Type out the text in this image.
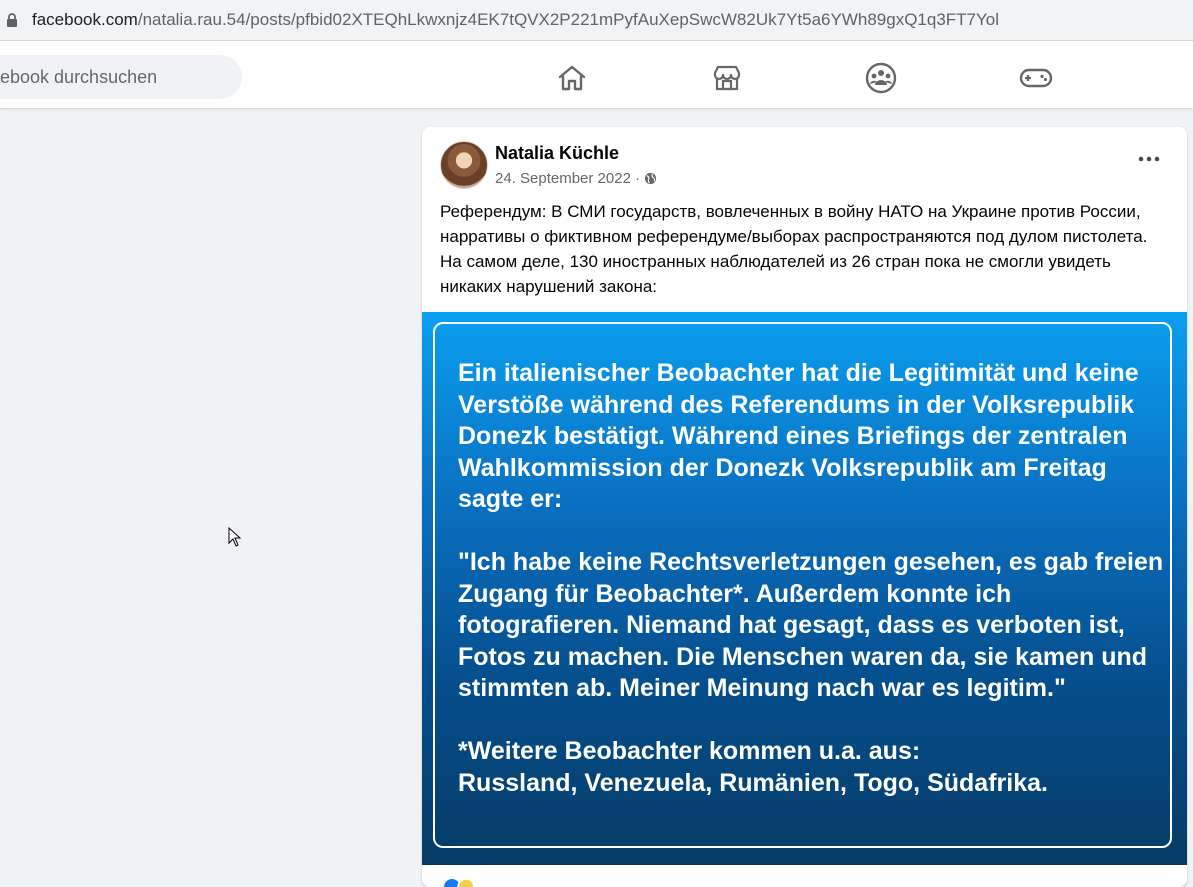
facebook.com/natalia.rau.54/posts/pfbid02XTEQhLkwxnjz4EK7tQVX2P221mPyfAuXepSwcW82Uk7Yt5a6YWh89gxQ1q3FT7Yol
ebook durchsuchen
Natalia Küchle
24. September 2022 ·
Референдум: В СМИ государств, вовлеченных в войну НАТО на Украине против России, нарративы о фиктивном референдуме/выборах распространяются под дулом пистолета. На самом деле, 130 иностранных наблюдателей из 26 стран пока не смогли увидеть никаких нарушений закона:

Ein italienischer Beobachter hat die Legitimität und keine Verstöße während des Referendums in der Volksrepublik Donezk bestätigt. Während eines Briefings der zentralen Wahlkommission der Donezk Volksrepublik am Freitag sagte er:

"Ich habe keine Rechtsverletzungen gesehen, es gab freien Zugang für Beobachter*. Außerdem konnte ich fotografieren. Niemand hat gesagt, dass es verboten ist, Fotos zu machen. Die Menschen waren da, sie kamen und stimmten ab. Meiner Meinung nach war es legitim."

*Weitere Beobachter kommen u.a. aus:
Russland, Venezuela, Rumänien, Togo, Südafrika.
